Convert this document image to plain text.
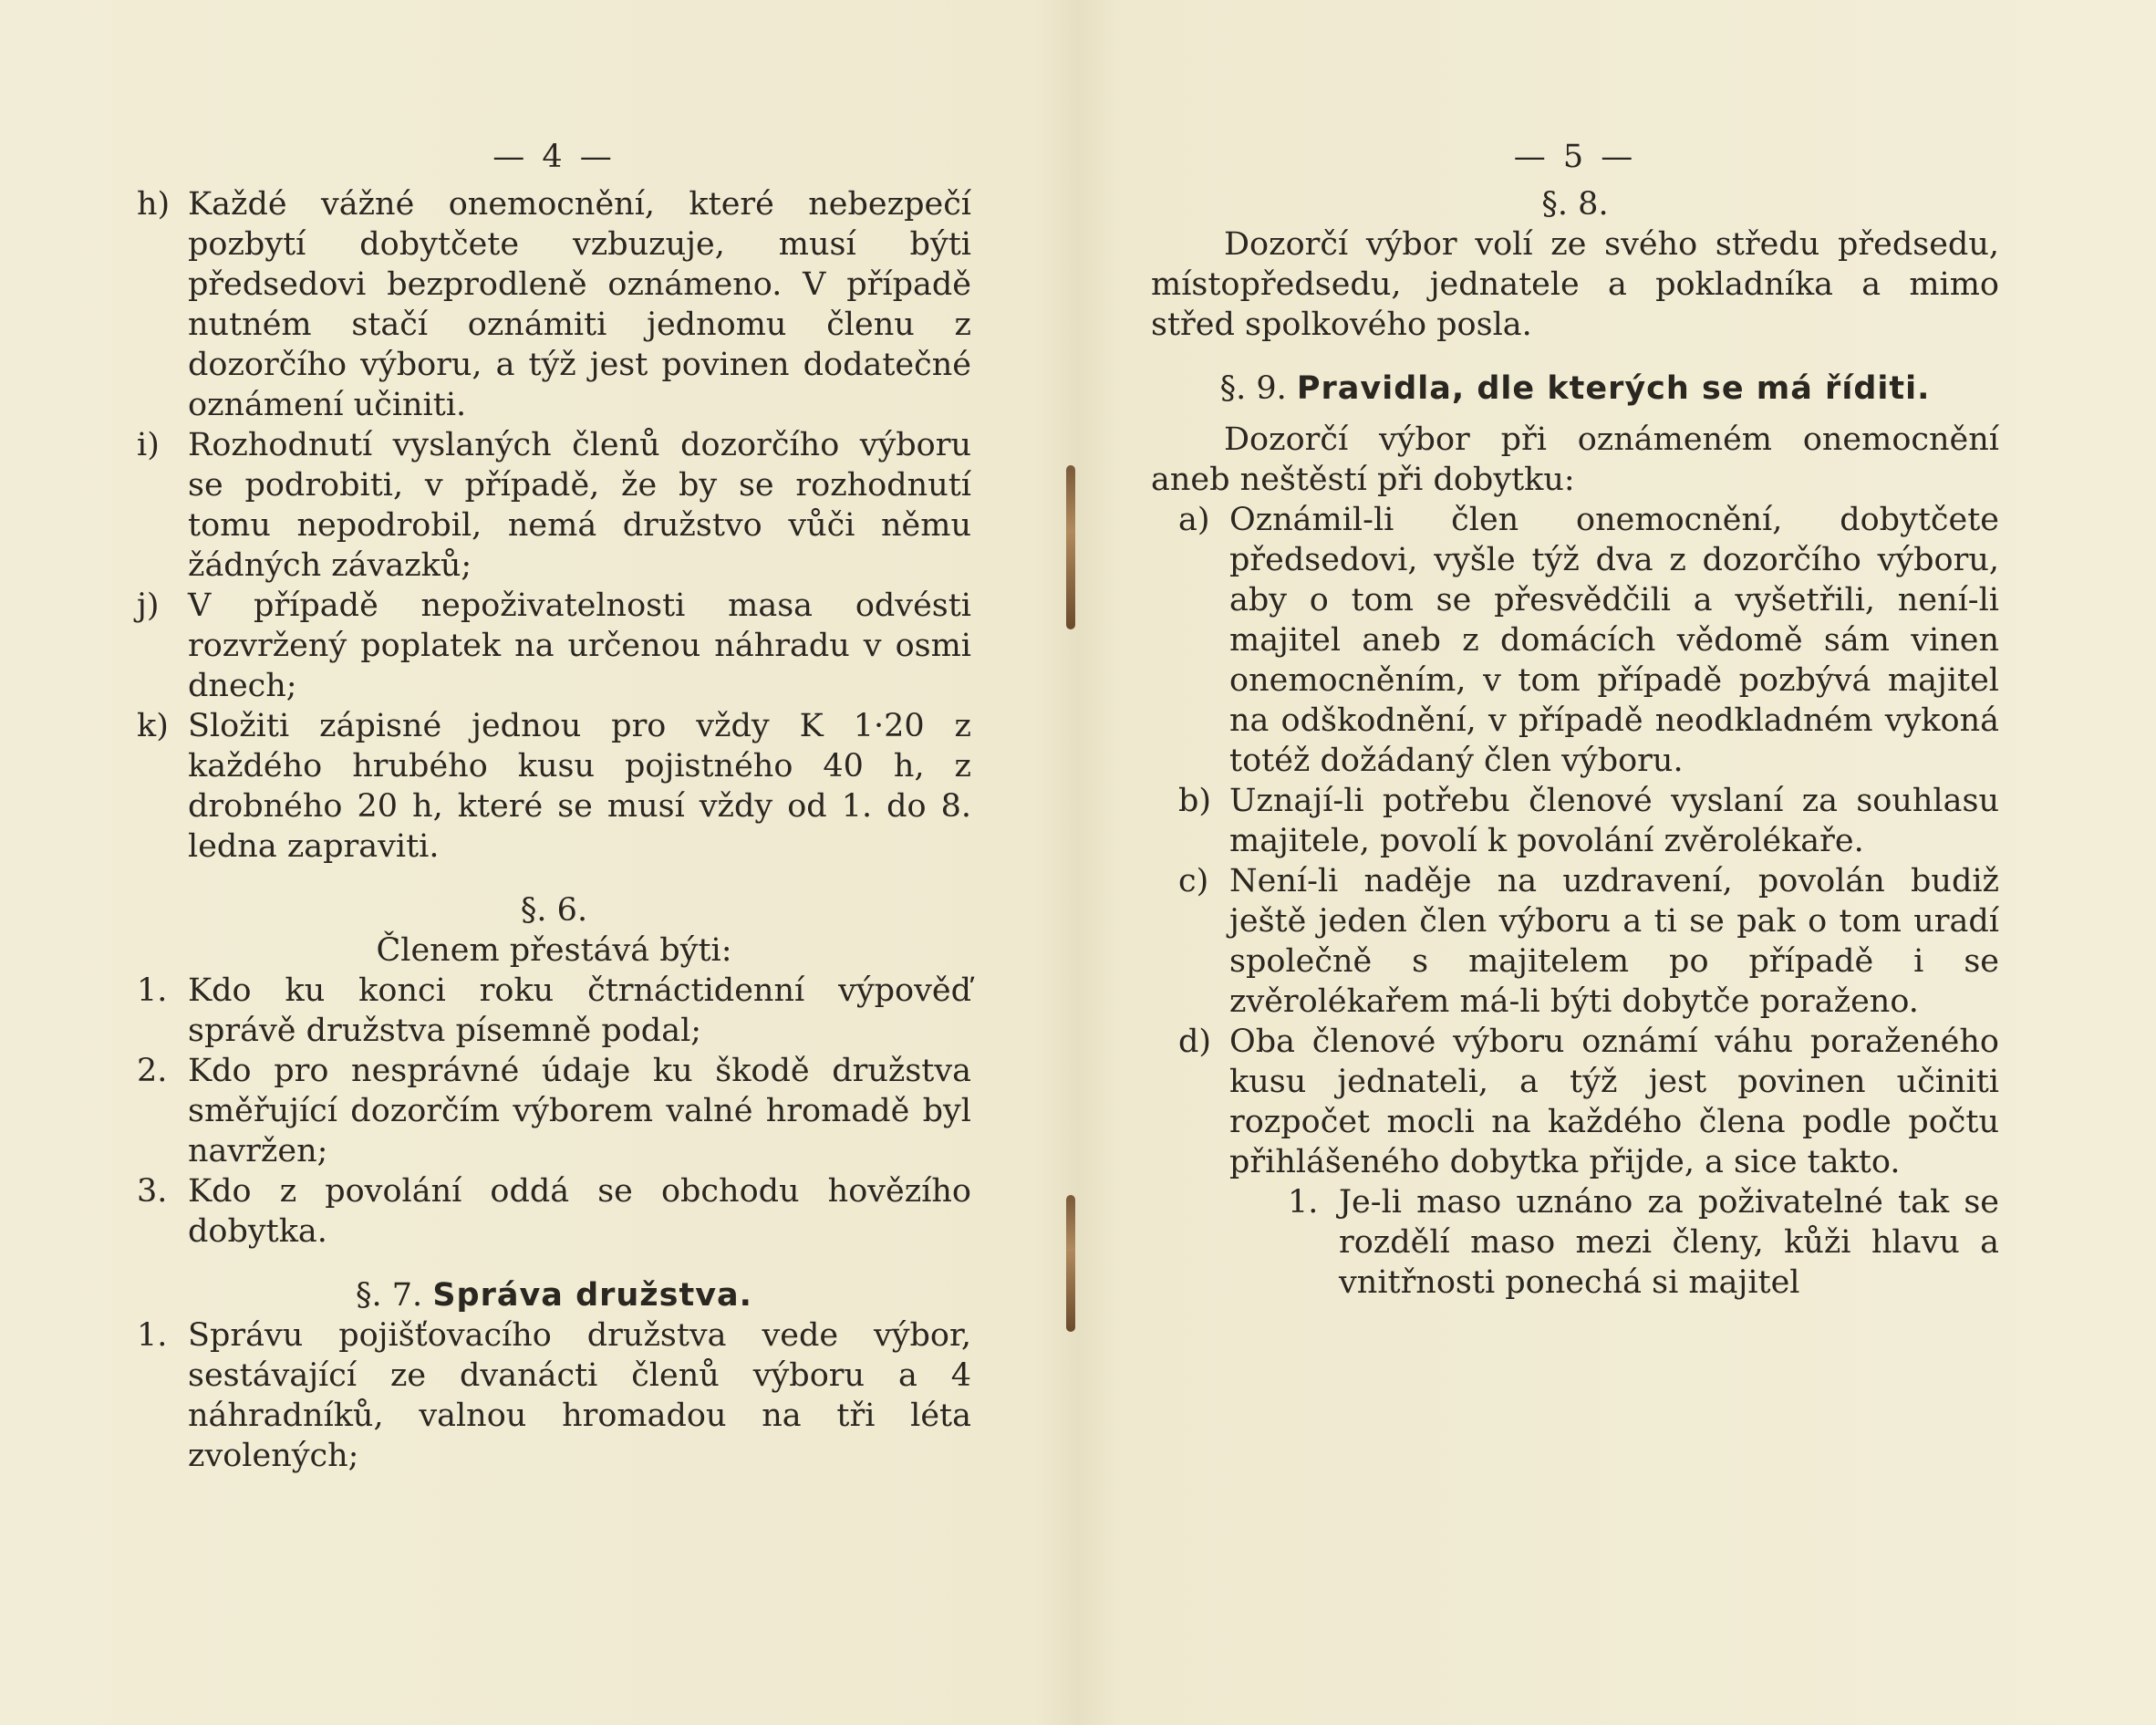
— 4 —
h) Každé vážné onemocnění, které nebezpečí pozbytí dobytčete vzbuzuje, musí býti předsedovi bezprodleně oznámeno. V případě nutném stačí oznámiti jednomu členu z dozorčího výboru, a týž jest povinen dodatečné oznámení učiniti.
i) Rozhodnutí vyslaných členů dozorčího výboru se podrobiti, v případě, že by se rozhodnutí tomu nepodrobil, nemá družstvo vůči němu žádných závazků;
j) V případě nepoživatelnosti masa odvésti rozvržený poplatek na určenou náhradu v osmi dnech;
k) Složiti zápisné jednou pro vždy K 1·20 z každého hrubého kusu pojistného 40 h, z drobného 20 h, které se musí vždy od 1. do 8. ledna zapraviti.
§. 6.
Členem přestává býti:
1. Kdo ku konci roku čtrnáctidenní výpověď správě družstva písemně podal;
2. Kdo pro nesprávné údaje ku škodě družstva směřující dozorčím výborem valné hromadě byl navržen;
3. Kdo z povolání oddá se obchodu hovězího dobytka.
§. 7. Správa družstva.
1. Správu pojišťovacího družstva vede výbor, sestávající ze dvanácti členů výboru a 4 náhradníků, valnou hromadou na tři léta zvolených;
— 5 —
§. 8.
Dozorčí výbor volí ze svého středu předsedu, místopředsedu, jednatele a pokladníka a mimo střed spolkového posla.
§. 9. Pravidla, dle kterých se má říditi.
Dozorčí výbor při oznámeném onemocnění aneb neštěstí při dobytku:
a) Oznámil-li člen onemocnění, dobytčete předsedovi, vyšle týž dva z dozorčího výboru, aby o tom se přesvědčili a vyšetřili, není-li majitel aneb z domácích vědomě sám vinen onemocněním, v tom případě pozbývá majitel na odškodnění, v případě neodkladném vykoná totéž dožádaný člen výboru.
b) Uznají-li potřebu členové vyslaní za souhlasu majitele, povolí k povolání zvěrolékaře.
c) Není-li naděje na uzdravení, povolán budiž ještě jeden člen výboru a ti se pak o tom uradí společně s majitelem po případě i se zvěrolékařem má-li býti dobytče poraženo.
d) Oba členové výboru oznámí váhu poraženého kusu jednateli, a týž jest povinen učiniti rozpočet mocli na každého člena podle počtu přihlášeného dobytka přijde, a sice takto.
1. Je-li maso uznáno za poživatelné tak se rozdělí maso mezi členy, kůži hlavu a vnitřnosti ponechá si majitel
